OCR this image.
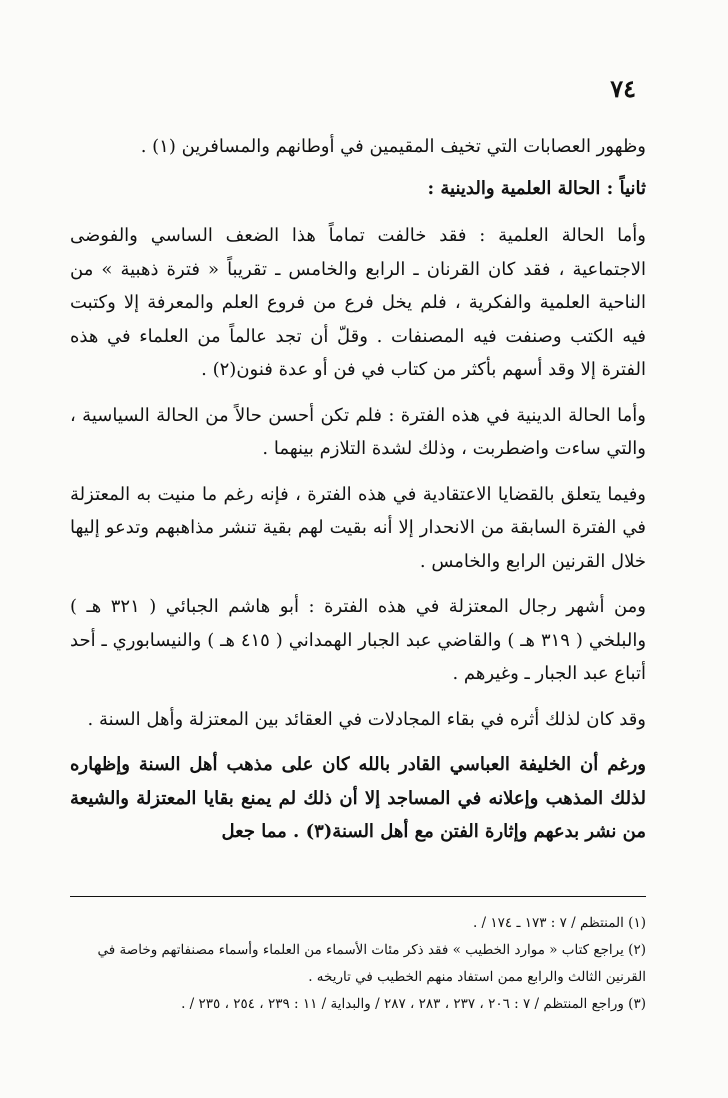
٧٤

وظهور العصابات التي تخيف المقيمين في أوطانهم والمسافرين (١) .

ثانياً : الحالة العلمية والدينية :

وأما الحالة العلمية : فقد خالفت تماماً هذا الضعف الساسي والفوضى الاجتماعية ، فقد كان القرنان ـ الرابع والخامس ـ تقريباً « فترة ذهبية » من الناحية العلمية والفكرية ، فلم يخل فرع من فروع العلم والمعرفة إلا وكتبت فيه الكتب وصنفت فيه المصنفات . وقلّ أن تجد عالماً من العلماء في هذه الفترة إلا وقد أسهم بأكثر من كتاب في فن أو عدة فنون(٢) .

وأما الحالة الدينية في هذه الفترة : فلم تكن أحسن حالاً من الحالة السياسية ، والتي ساءت واضطربت ، وذلك لشدة التلازم بينهما .

وفيما يتعلق بالقضايا الاعتقادية في هذه الفترة ، فإنه رغم ما منيت به المعتزلة في الفترة السابقة من الانحدار إلا أنه بقيت لهم بقية تنشر مذاهبهم وتدعو إليها خلال القرنين الرابع والخامس .

ومن أشهر رجال المعتزلة في هذه الفترة : أبو هاشم الجبائي ( ٣٢١ هـ ) والبلخي ( ٣١٩ هـ ) والقاضي عبد الجبار الهمداني ( ٤١٥ هـ ) والنيسابوري ـ أحد أتباع عبد الجبار ـ وغيرهم .

وقد كان لذلك أثره في بقاء المجادلات في العقائد بين المعتزلة وأهل السنة .

ورغم أن الخليفة العباسي القادر بالله كان على مذهب أهل السنة وإظهاره لذلك المذهب وإعلانه في المساجد إلا أن ذلك لم يمنع بقايا المعتزلة والشيعة من نشر بدعهم وإثارة الفتن مع أهل السنة(٣) . مما جعل

(١) المنتظم / ٧ : ١٧٣ ـ ١٧٤ / .

(٢) يراجع كتاب « موارد الخطيب » فقد ذكر مئات الأسماء من العلماء وأسماء مصنفاتهم وخاصة في القرنين الثالث والرابع ممن استفاد منهم الخطيب في تاريخه .

(٣) وراجع المنتظم / ٧ : ٢٠٦ ، ٢٣٧ ، ٢٨٣ ، ٢٨٧ / والبداية / ١١ : ٢٣٩ ، ٢٥٤ ، ٢٣٥ / .
